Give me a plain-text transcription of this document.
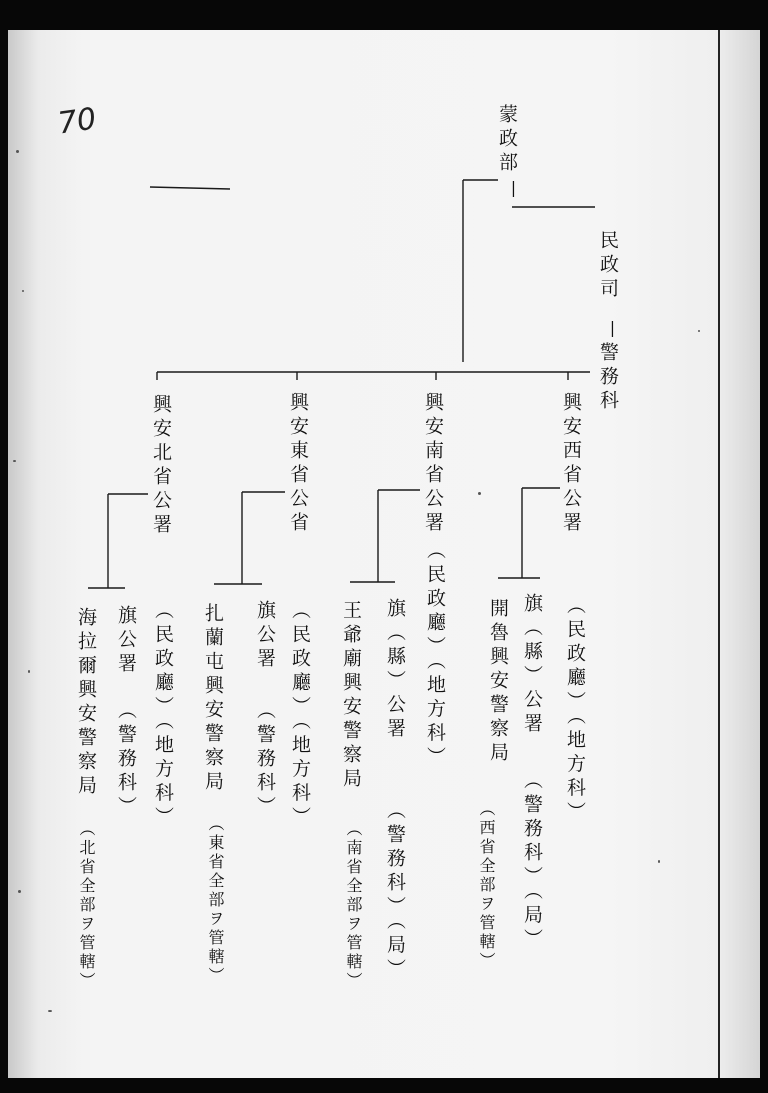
70	蒙政部
|
民政司
|
警務科
興安西省公署
（民政廳）（地方科）
旗（縣）公署
（警務科）（局）
開魯興安警察局
（西省全部ヲ管轄）
興安南省公署
（民政廳）（地方科）
旗（縣）公署
（警務科）（局）
王爺廟興安警察局
（南省全部ヲ管轄）
興安東省公省
（民政廳）（地方科）
旗公署
（警務科）
扎蘭屯興安警察局
（東省全部ヲ管轄）
興安北省公署
（民政廳）（地方科）
旗公署
（警務科）
海拉爾興安警察局
（北省全部ヲ管轄）
